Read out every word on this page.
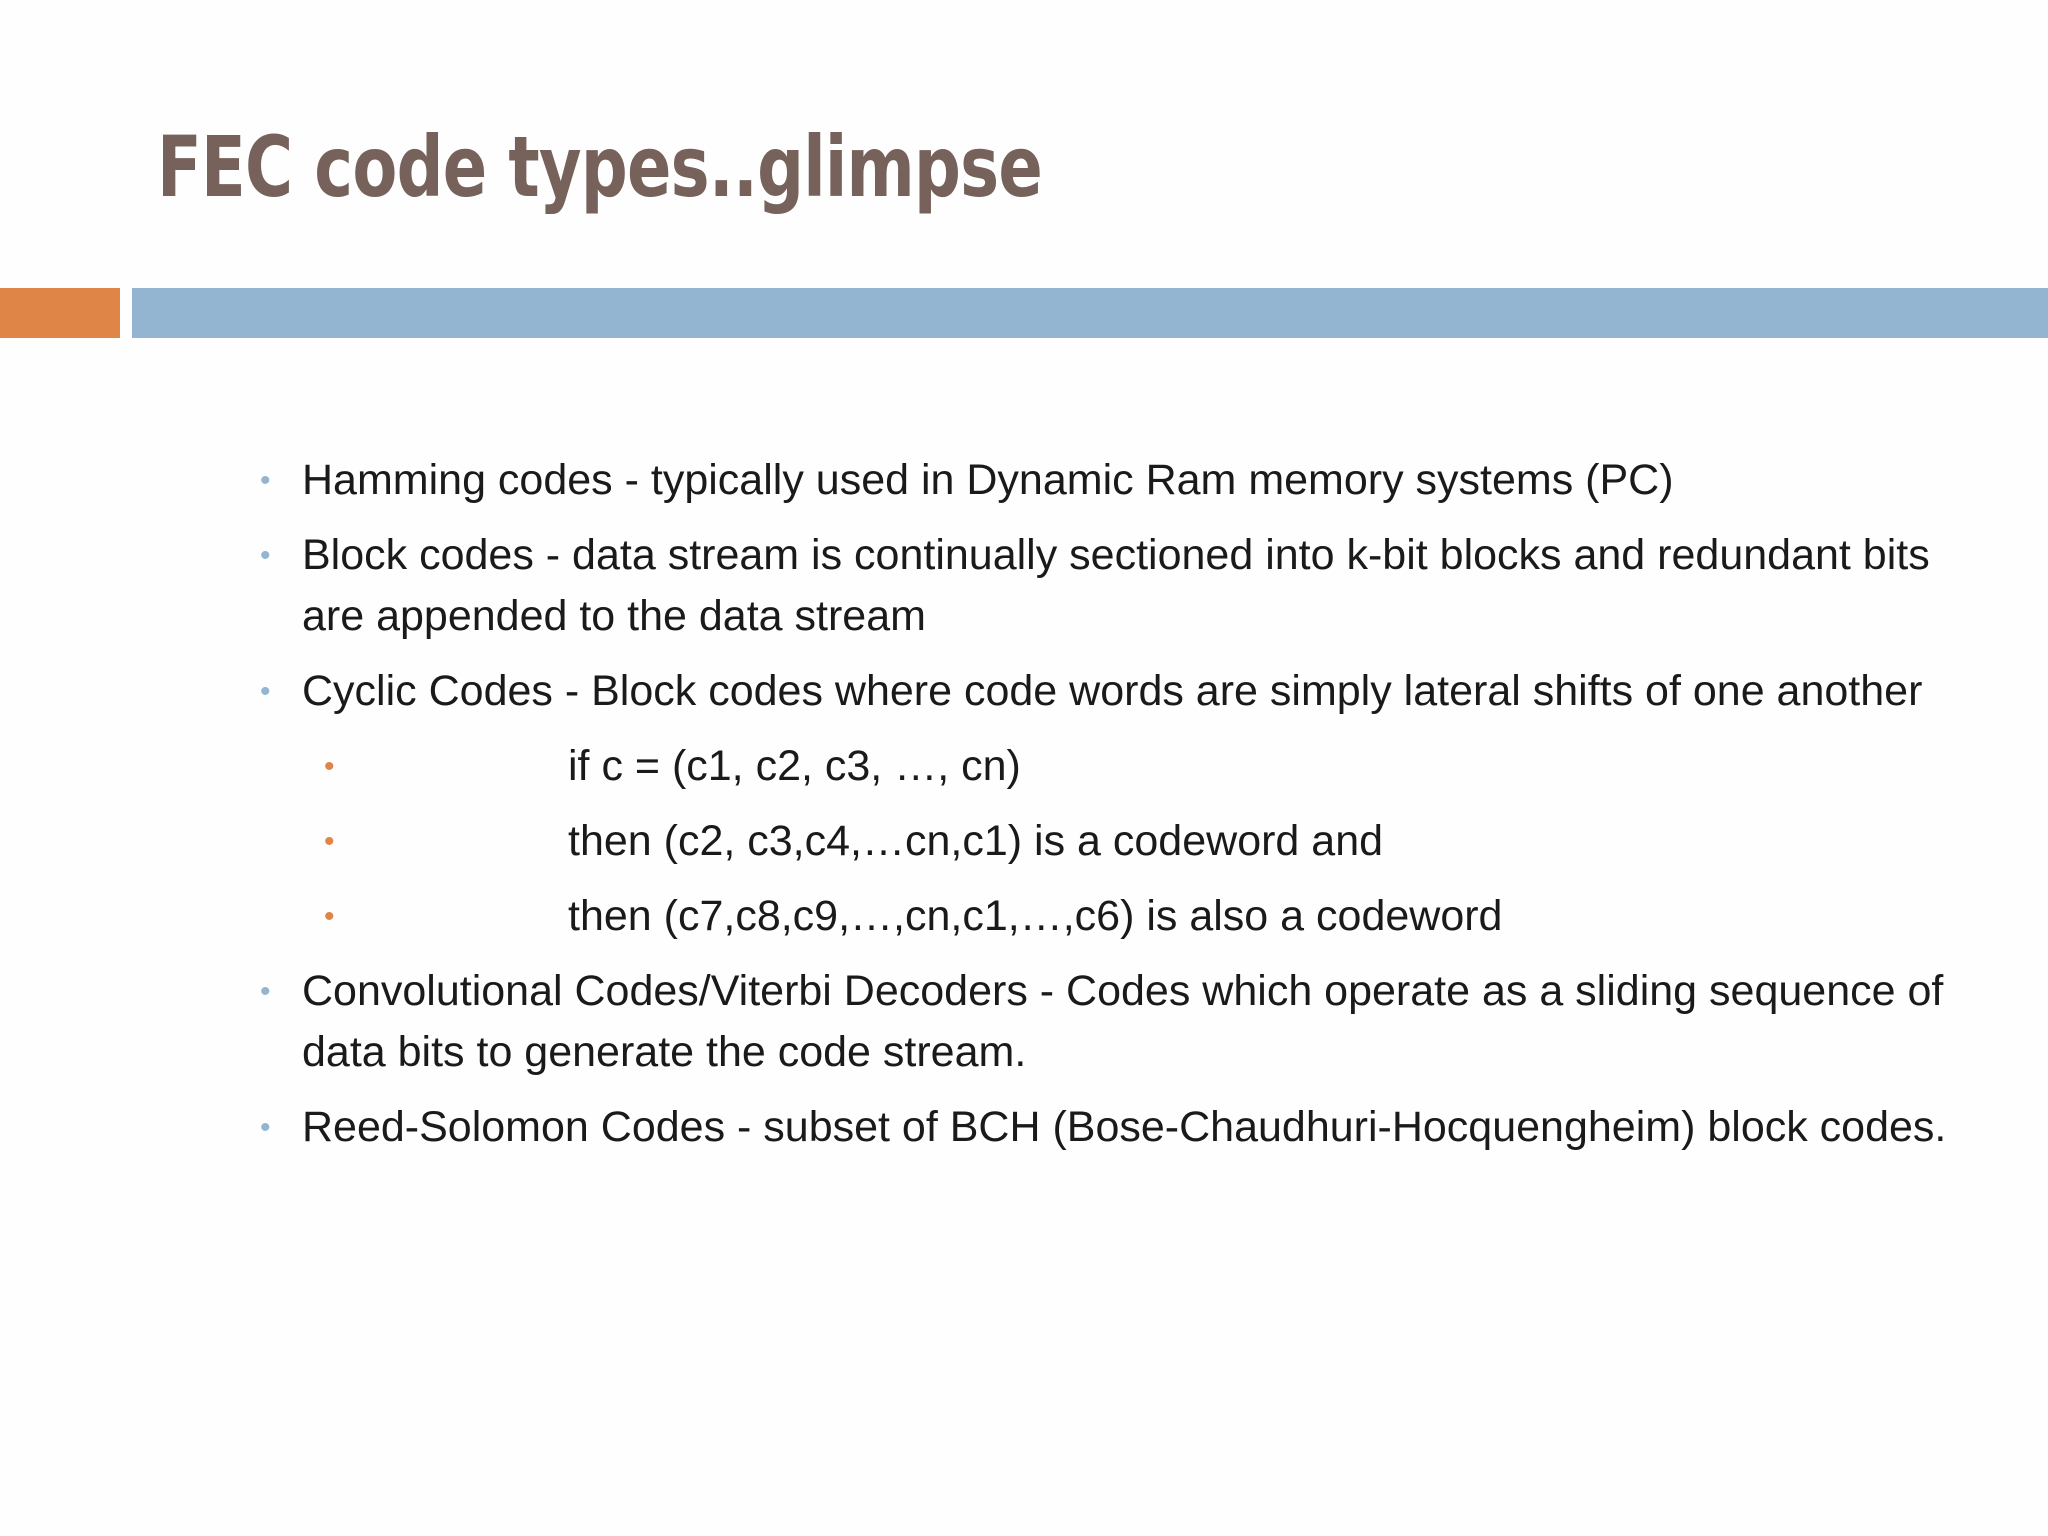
FEC code types..glimpse
• Hamming codes - typically used in Dynamic Ram memory systems (PC)
• Block codes - data stream is continually sectioned into k-bit blocks and redundant bits are appended to the data stream
• Cyclic Codes - Block codes where code words are simply lateral shifts of one another
•	if c = (c1, c2, c3, …, cn)
•	then (c2, c3,c4,…cn,c1) is a codeword and
•	then (c7,c8,c9,…,cn,c1,…,c6) is also a codeword
• Convolutional Codes/Viterbi Decoders - Codes which operate as a sliding sequence of data bits to generate the code stream.
• Reed-Solomon Codes - subset of BCH (Bose-Chaudhuri-Hocquengheim) block codes.
